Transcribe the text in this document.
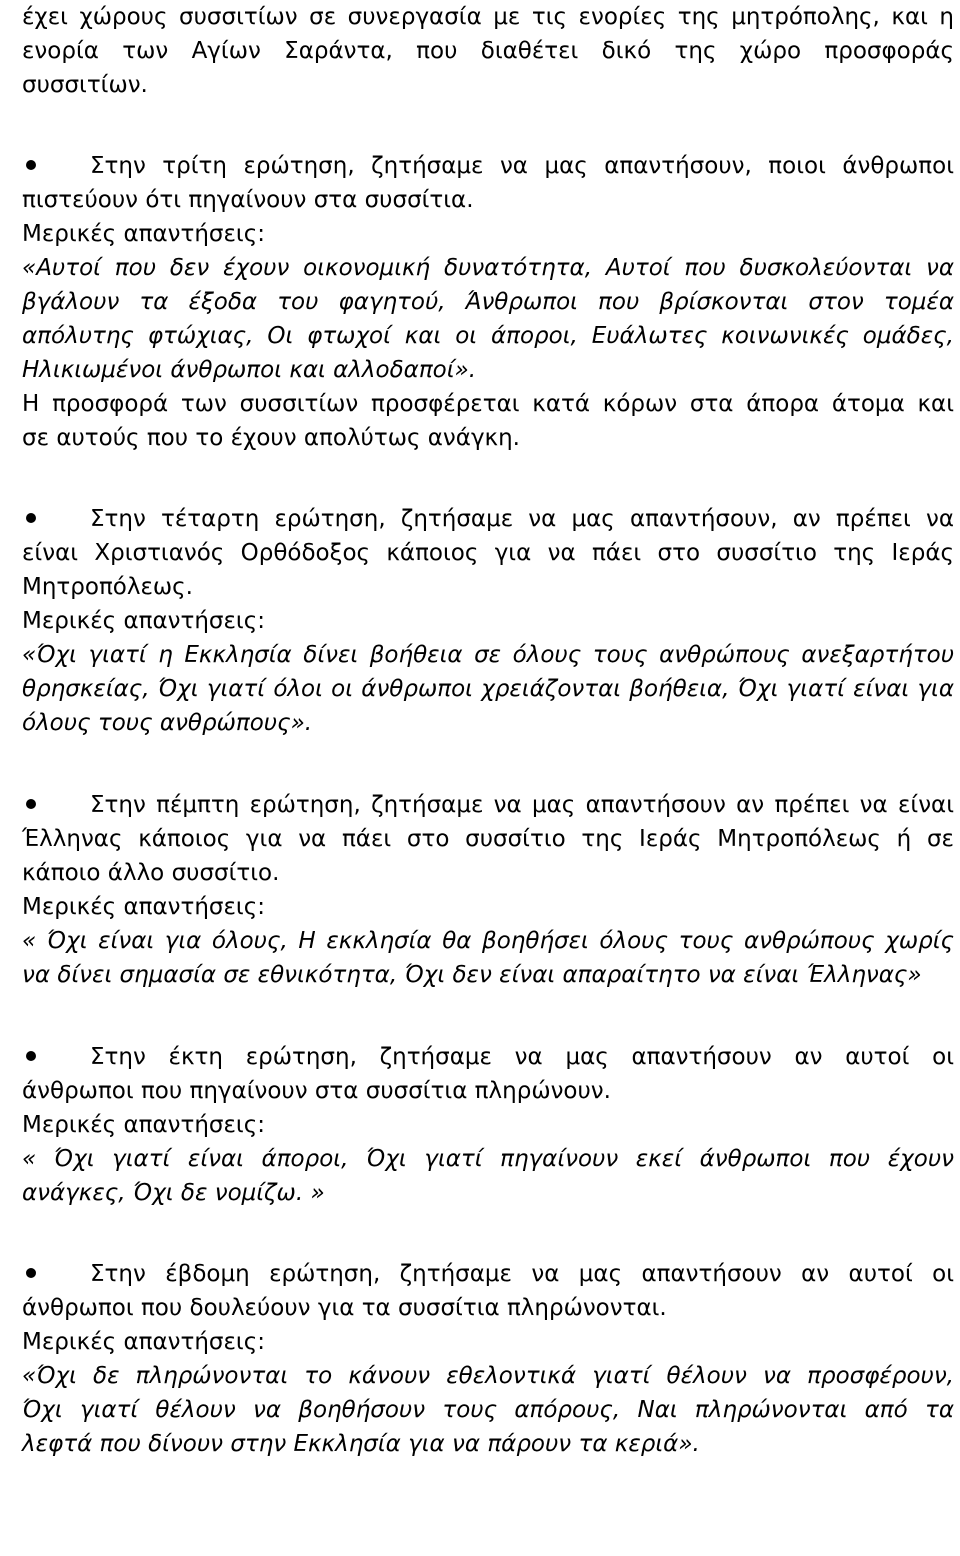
έχει χώρους συσσιτίων σε συνεργασία με τις ενορίες της μητρόπολης, και η
ενορία των Αγίων Σαράντα, που διαθέτει δικό της χώρο προσφοράς
συσσιτίων.
Στην τρίτη ερώτηση, ζητήσαμε να μας απαντήσουν, ποιοι άνθρωποι
πιστεύουν ότι πηγαίνουν στα συσσίτια.
Μερικές απαντήσεις:
«Αυτοί που δεν έχουν οικονομική δυνατότητα, Αυτοί που δυσκολεύονται να
βγάλουν τα έξοδα του φαγητού, Άνθρωποι που βρίσκονται στον τομέα
απόλυτης φτώχιας, Οι φτωχοί και οι άποροι, Ευάλωτες κοινωνικές ομάδες,
Ηλικιωμένοι άνθρωποι και αλλοδαποί».
Η προσφορά των συσσιτίων προσφέρεται κατά κόρων στα άπορα άτομα και
σε αυτούς που το έχουν απολύτως ανάγκη.
Στην τέταρτη ερώτηση, ζητήσαμε να μας απαντήσουν, αν πρέπει να
είναι Χριστιανός Ορθόδοξος κάποιος για να πάει στο συσσίτιο της Ιεράς
Μητροπόλεως.
Μερικές απαντήσεις:
«Όχι γιατί η Εκκλησία δίνει βοήθεια σε όλους τους ανθρώπους ανεξαρτήτου
θρησκείας, Όχι γιατί όλοι οι άνθρωποι χρειάζονται βοήθεια, Όχι γιατί είναι για
όλους τους ανθρώπους».
Στην πέμπτη ερώτηση, ζητήσαμε να μας απαντήσουν αν πρέπει να είναι
Έλληνας κάποιος για να πάει στο συσσίτιο της Ιεράς Μητροπόλεως ή σε
κάποιο άλλο συσσίτιο.
Μερικές απαντήσεις:
« Όχι είναι για όλους, Η εκκλησία θα βοηθήσει όλους τους ανθρώπους χωρίς
να δίνει σημασία σε εθνικότητα, Όχι δεν είναι απαραίτητο να είναι Έλληνας»
Στην έκτη ερώτηση, ζητήσαμε να μας απαντήσουν αν αυτοί οι
άνθρωποι που πηγαίνουν στα συσσίτια πληρώνουν.
Μερικές απαντήσεις:
« Όχι γιατί είναι άποροι, Όχι γιατί πηγαίνουν εκεί άνθρωποι που έχουν
ανάγκες, Όχι δε νομίζω. »
Στην έβδομη ερώτηση, ζητήσαμε να μας απαντήσουν αν αυτοί οι
άνθρωποι που δουλεύουν για τα συσσίτια πληρώνονται.
Μερικές απαντήσεις:
«Όχι δε πληρώνονται το κάνουν εθελοντικά γιατί θέλουν να προσφέρουν,
Όχι γιατί θέλουν να βοηθήσουν τους απόρους, Ναι πληρώνονται από τα
λεφτά που δίνουν στην Εκκλησία για να πάρουν τα κεριά».
